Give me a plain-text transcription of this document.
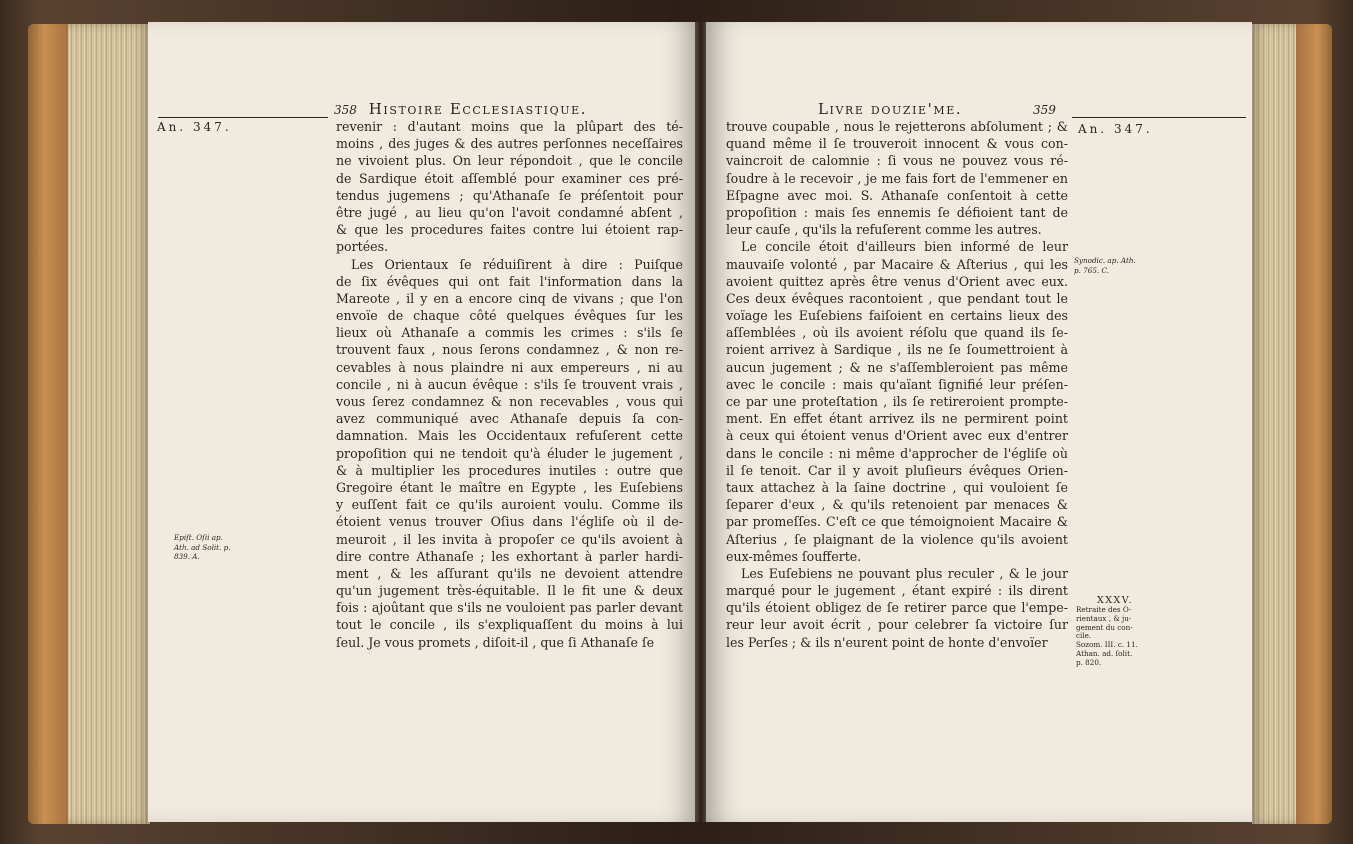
358 Histoire Ecclesiastique.
An. 347.	revenir : d'autant moins que la plûpart des té-
moins , des juges & des autres perſonnes neceſſaires
ne vivoient plus. On leur répondoit , que le concile
de Sardique étoit aſſemblé pour examiner ces pré-
tendus jugemens ; qu'Athanaſe ſe préſentoit pour
être jugé , au lieu qu'on l'avoit condamné abſent ,
& que les procedures faites contre lui étoient rap-
portées.
Les Orientaux ſe réduiſirent à dire : Puiſque
de ſix évêques qui ont fait l'information dans la
Mareote , il y en a encore cinq de vivans ; que l'on
envoïe de chaque côté quelques évêques ſur les
lieux où Athanaſe a commis les crimes : s'ils ſe
trouvent faux , nous ſerons condamnez , & non re-
cevables à nous plaindre ni aux empereurs , ni au
concile , ni à aucun évêque : s'ils ſe trouvent vrais ,
vous ſerez condamnez & non recevables , vous qui
avez communiqué avec Athanaſe depuis ſa con-
damnation. Mais les Occidentaux refuſerent cette
propoſition qui ne tendoit qu'à éluder le jugement ,
& à multiplier les procedures inutiles : outre que
Gregoire étant le maître en Egypte , les Euſebiens
y euſſent fait ce qu'ils auroient voulu. Comme ils
étoient venus trouver Oſius dans l'égliſe où il de-
meuroit , il les invita à propoſer ce qu'ils avoient à
dire contre Athanaſe ; les exhortant à parler hardi-
ment , & les aſſurant qu'ils ne devoient attendre
qu'un jugement très-équitable. Il le fit une & deux
fois : ajoûtant que s'ils ne vouloient pas parler devant
tout le concile , ils s'expliquaſſent du moins à lui
ſeul. Je vous promets , diſoit-il , que ſi Athanaſe ſe
Epiſt. Oſii ap.
Ath. ad Solit. p.
839. A.
Livre douzie'me.	359
An. 347.
trouve coupable , nous le rejetterons abſolument ; &
quand même il ſe trouveroit innocent & vous con-
vaincroit de calomnie : ſi vous ne pouvez vous ré-
ſoudre à le recevoir , je me fais fort de l'emmener en
Eſpagne avec moi. S. Athanaſe conſentoit à cette
propoſition : mais ſes ennemis ſe défioient tant de
leur cauſe , qu'ils la refuſerent comme les autres.
Le concile étoit d'ailleurs bien informé de leur
mauvaiſe volonté , par Macaire & Aſterius , qui les
avoient quittez après être venus d'Orient avec eux.
Ces deux évêques racontoient , que pendant tout le
voïage les Euſebiens faiſoient en certains lieux des
aſſemblées , où ils avoient réſolu que quand ils ſe-
roient arrivez à Sardique , ils ne ſe ſoumettroient à
aucun jugement ; & ne s'aſſembleroient pas même
avec le concile : mais qu'aïant ſignifié leur préſen-
ce par une proteſtation , ils ſe retireroient prompte-
ment. En effet étant arrivez ils ne permirent point
à ceux qui étoient venus d'Orient avec eux d'entrer
dans le concile : ni même d'approcher de l'égliſe où
il ſe tenoit. Car il y avoit pluſieurs évêques Orien-
taux attachez à la ſaine doctrine , qui vouloient ſe
ſeparer d'eux , & qu'ils retenoient par menaces &
par promeſſes. C'eſt ce que témoignoient Macaire &
Aſterius , ſe plaignant de la violence qu'ils avoient
eux-mêmes ſoufferte.
Les Euſebiens ne pouvant plus reculer , & le jour
marqué pour le jugement , étant expiré : ils dirent
qu'ils étoient obligez de ſe retirer parce que l'empe-
reur leur avoit écrit , pour celebrer ſa victoire ſur
les Perſes ; & ils n'eurent point de honte d'envoïer
Synodic. ap. Ath.
p. 765. C.
XXXV.
Retraite des O-
rientaux , & ju-
gement du con-
cile.
Sozom. III. c. 11.
Athan. ad. ſolit.
p. 820.
